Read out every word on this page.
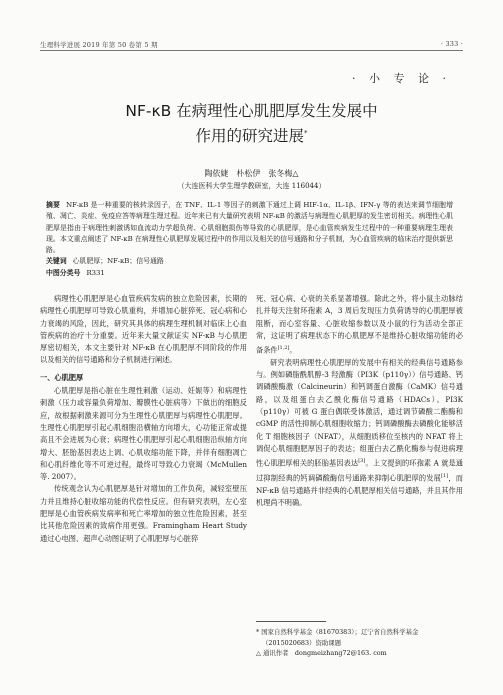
生理科学进展 2019 年第 50 卷第 5 期	· 333 ·
· 小 专 论 ·
NF-κB 在病理性心肌肥厚发生发展中
作用的研究进展*
陶依婕　朴松伊　张冬梅△
（大连医科大学生理学教研室，大连 116044）

摘要 NF-κB 是一种重要的核转录因子，在 TNF、IL-1 等因子的刺激下通过上调 HIF-1α、IL-1β、IFN-γ 等的表达来调节细胞增殖、凋亡、炎症、免疫应答等病理生理过程。近年来已有大量研究表明 NF-κB 的激活与病理性心肌肥厚的发生密切相关。病理性心肌肥厚是指由于病理性刺激诱如血流动力学超负荷、心肌细胞损伤等导致的心肌肥厚，是心血管疾病发生过程中的一种重要病理生理表现。本文重点阐述了 NF-κB 在病理性心肌肥厚发展过程中的作用以及相关的信号通路和分子机制，为心血管疾病的临床治疗提供新思路。

关键词 心肌肥厚；NF-κB；信号通路

中图分类号 R331

病理性心肌肥厚是心血管疾病发病的独立危险因素，长期的病理性心肌肥厚可导致心肌重构，并增加心脏猝死、冠心病和心力衰竭的风险，因此，研究其具体的病理生理机制对临床上心血管疾病的治疗十分重要。近年来大量文献证实 NF-κB 与心肌肥厚密切相关，本文主要针对 NF-κB 在心肌肥厚不同阶段的作用以及相关的信号通路和分子机制进行阐述。

一、心肌肥厚

心肌肥厚是指心脏在生理性刺激（运动、妊娠等）和病理性刺激（压力或容量负荷增加、瓣膜性心脏病等）下做出的细胞反应，故根据刺激来源可分为生理性心肌肥厚与病理性心肌肥厚。生理性心肌肥厚引起心肌细胞沿横轴方向增大，心功能正常或提高且不会进展为心衰；病理性心肌肥厚引起心肌细胞沿纵轴方向增大、胚胎基因表达上调、心肌收缩功能下降，并伴有细胞凋亡和心肌纤维化等不可逆过程，最终可导致心力衰竭（McMullen 等. 2007）。

传统观念认为心肌肥厚是针对增加的工作负荷，减轻室壁压力并且维持心脏收缩功能的代偿性反应。但有研究表明，左心室肥厚是心血管疾病发病率和死亡率增加的独立性危险因素，甚至比其他危险因素的致病作用更强。Framingham Heart Study 通过心电图、超声心动图证明了心肌肥厚与心脏猝

死、冠心病、心衰的关系显著增强。除此之外，将小鼠主动脉结扎并每天注射环孢素 A，3 周后发现压力负荷诱导的心肌肥厚被阻断，而心室容量、心脏收缩参数以及小鼠的行为活动全部正常，这证明了病理状态下的心肌肥厚不是维持心脏收缩功能的必备条件[1,2]。

研究表明病理性心肌肥厚的发展中有相关的经典信号通路参与。例如磷脂酰肌醇-3 羟激酶（PI3K（p110γ））信号通路、钙调磷酸酶激（Calcineurin）和钙调蛋白激酶（CaMK）信号通路，以及组蛋白去乙酰化酶信号通路（HDACs）。PI3K（p110γ）可被 G 蛋白偶联受体激活，通过调节磷酸二酯酶和 cGMP 的活性抑制心肌细胞收缩力；钙调磷酸酶去磷酸化能够活化 T 细胞核因子（NFAT），从细胞质移位至核内的 NFAT 将上调促心肌细胞肥厚因子的表达；组蛋白去乙酰化酶参与促进病理性心肌肥厚相关的胚胎基因表达[3]。上文提到的环孢素 A 就是通过抑制经典的钙调磷酸酶信号通路来抑制心肌肥厚的发展[1]，而 NF-κB 信号通路并非经典的心肌肥厚相关信号通路，并且其作用机理尚不明确。

* 国家自然科学基金（81670383）；辽宁省自然科学基金

（2015020683）资助课题

△ 通讯作者　 dongmeizhang72@163. com
